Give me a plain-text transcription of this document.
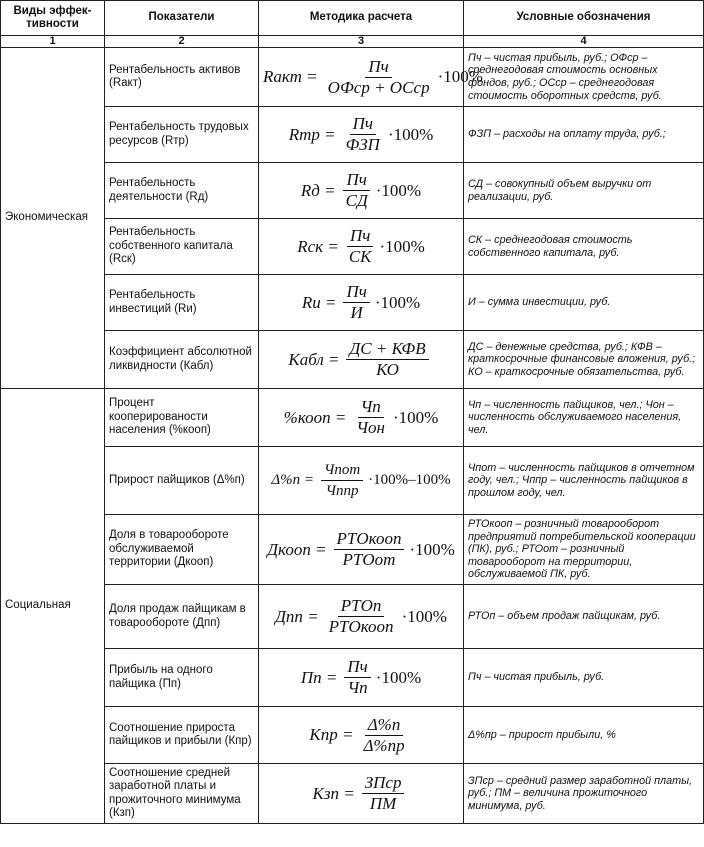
Виды эффек-тивности	Показатели	Методика расчета	Условные обозначения
1	2	3	4
Экономическая	Рентабельность активов (Rакт)	Rакт = $\frac{Пч}{\text{ОФср + ОСср}} \cdot 100\%$	Пч – чистая прибыль, руб.; ОФср – среднегодовая стоимость основных фондов, руб.; ОСср – среднегодовая стоимость оборотных средств, руб.
	Рентабельность трудовых ресурсов (Rтр)	Rтр = $\frac{Пч}{\text{ФЗП}} \cdot 100\%$	ФЗП – расходы на оплату труда, руб.;
	Рентабельность деятельности (Rд)	Rд = $\frac{Пч}{СД} \cdot 100\%$	СД – совокупный объем выручки от реализации, руб.
	Рентабельность собственного капитала (Rск)	Rск = $\frac{Пч}{СК} \cdot 100\%$	СК – среднегодовая стоимость собственного капитала, руб.
	Рентабельность инвестиций (Rи)	Rи = $\frac{Пч}{И} \cdot 100\%$	И – сумма инвестиции, руб.
	Коэффициент абсолютной ликвидности (Кабл)	Кабл = $\frac{\text{ДС + КФВ}}{КО}$	ДС – денежные средства, руб.; КФВ – краткосрочные финансовые вложения, руб.; КО – краткосрочные обязательства, руб.
Социальная	Процент кооперированости населения (%коoп)	%кооп = $\frac{Чп}{\text{Чон}} \cdot 100\%$	Чп – численность пайщиков, чел.; Чон – численность обслуживаемого населения, чел.
	Прирост пайщиков (Δ%п)	$\Delta\%п = \frac{\text{Чпот}}{\text{Чппр}} \cdot 100\%-100\%$	Чпот – численность пайщиков в отчетном году, чел.; Чппр – численность пайщиков в прошлом году, чел.
	Доля в товарообороте обслуживаемой территории (Дкооп)	Дкооп = $\frac{\text{РТОкооп}}{\text{РТОот}} \cdot 100\%$	РТОкооп – розничный товарооборот предприятий потребительской кооперации (ПК), руб.; РТОот – розничный товарооборот на территории, обслуживаемой ПК, руб.
	Доля продаж пайщикам в товарообороте (Дпп)	Дпп = $\frac{\text{РТОп}}{\text{РТОкооп}} \cdot 100\%$	РТОп – объем продаж пайщикам, руб.
	Прибыль на одного пайщика (Пп)	Пп = $\frac{Пч}{Чп} \cdot 100\%$	Пч – чистая прибыль, руб.
	Соотношение прироста пайщиков и прибыли (Кпр)	Кпр = $\frac{\Delta\%п}{\Delta\%пр}$	Δ%пр – прирост прибыли, %
	Соотношение средней заработной платы и прожиточного минимума (Кзп)	Кзп = $\frac{\text{ЗПср}}{ПМ}$	ЗПср – средний размер заработной платы, руб.; ПМ – величина прожиточного минимума, руб.
